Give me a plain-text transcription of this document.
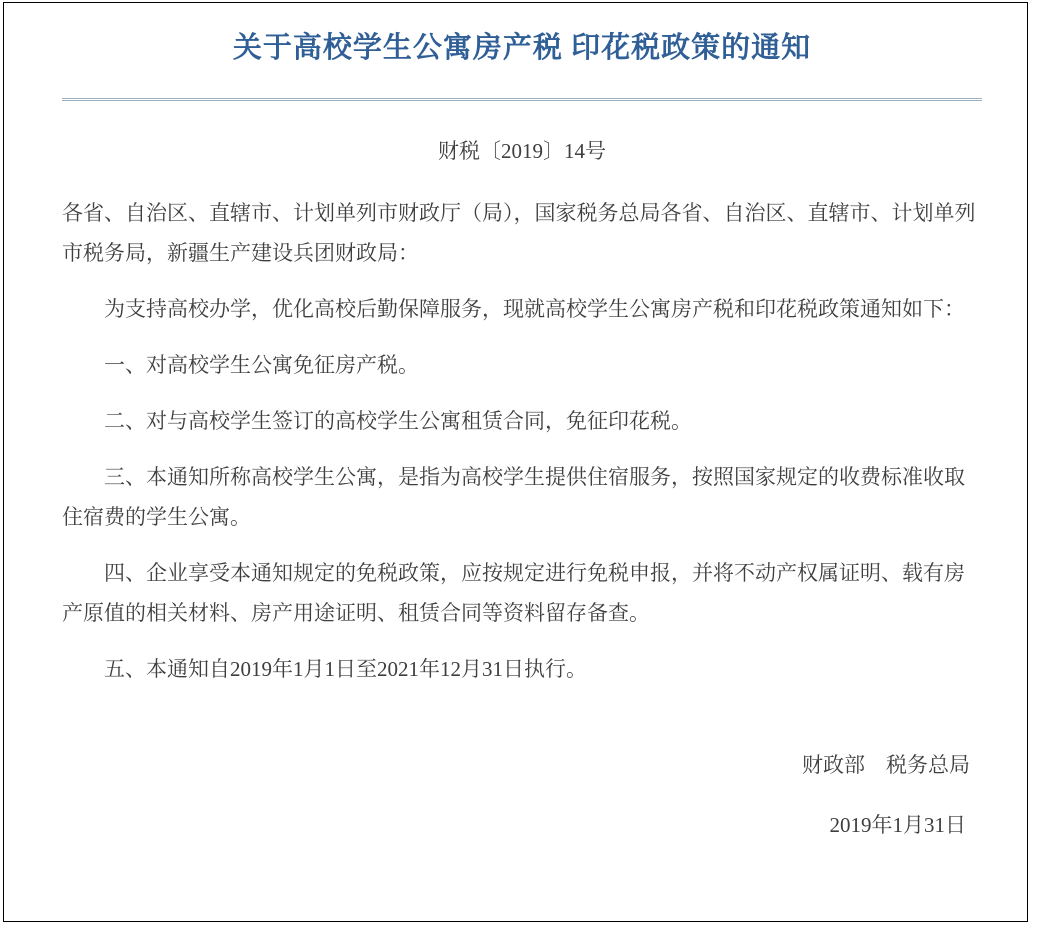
关于高校学生公寓房产税 印花税政策的通知
财税〔2019〕14号

各省、自治区、直辖市、计划单列市财政厅（局），国家税务总局各省、自治区、直辖市、计划单列市税务局，新疆生产建设兵团财政局：

为支持高校办学，优化高校后勤保障服务，现就高校学生公寓房产税和印花税政策通知如下：

一、对高校学生公寓免征房产税。

二、对与高校学生签订的高校学生公寓租赁合同，免征印花税。

三、本通知所称高校学生公寓，是指为高校学生提供住宿服务，按照国家规定的收费标准收取住宿费的学生公寓。

四、企业享受本通知规定的免税政策，应按规定进行免税申报，并将不动产权属证明、载有房产原值的相关材料、房产用途证明、租赁合同等资料留存备查。

五、本通知自2019年1月1日至2021年12月31日执行。

财政部　税务总局
2019年1月31日
